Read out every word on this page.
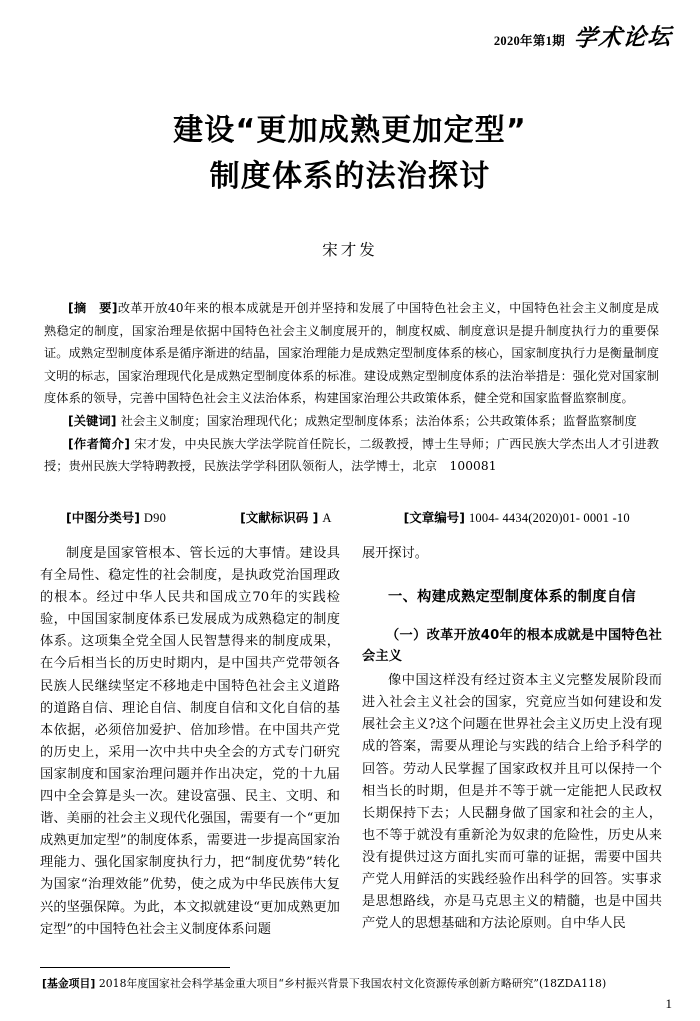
2020年第1期 学术论坛
建设“更加成熟更加定型”
制度体系的法治探讨
宋才发

[摘　要]改革开放40年来的根本成就是开创并坚持和发展了中国特色社会主义，中国特色社会主义制度是成熟稳定的制度，国家治理是依据中国特色社会主义制度展开的，制度权威、制度意识是提升制度执行力的重要保证。成熟定型制度体系是循序渐进的结晶，国家治理能力是成熟定型制度体系的核心，国家制度执行力是衡量制度文明的标志，国家治理现代化是成熟定型制度体系的标准。建设成熟定型制度体系的法治举措是：强化党对国家制度体系的领导，完善中国特色社会主义法治体系，构建国家治理公共政策体系，健全党和国家监督监察制度。

[关键词] 社会主义制度；国家治理现代化；成熟定型制度体系；法治体系；公共政策体系；监督监察制度

[作者简介] 宋才发，中央民族大学法学院首任院长，二级教授，博士生导师；广西民族大学杰出人才引进教授；贵州民族大学特聘教授，民族法学学科团队领衔人，法学博士，北京　100081

[中图分类号] D90	[文献标识码 ] A	[文章编号] 1004- 4434(2020)01- 0001 -10

制度是国家管根本、管长远的大事情。建设具有全局性、稳定性的社会制度，是执政党治国理政的根本。经过中华人民共和国成立70年的实践检验，中国国家制度体系已发展成为成熟稳定的制度体系。这项集全党全国人民智慧得来的制度成果，在今后相当长的历史时期内，是中国共产党带领各民族人民继续坚定不移地走中国特色社会主义道路的道路自信、理论自信、制度自信和文化自信的基本依据，必须倍加爱护、倍加珍惜。在中国共产党的历史上，采用一次中共中央全会的方式专门研究国家制度和国家治理问题并作出决定，党的十九届四中全会算是头一次。建设富强、民主、文明、和谐、美丽的社会主义现代化强国，需要有一个“更加成熟更加定型”的制度体系，需要进一步提高国家治理能力、强化国家制度执行力，把“制度优势”转化为国家“治理效能”优势，使之成为中华民族伟大复兴的坚强保障。为此，本文拟就建设“更加成熟更加定型”的中国特色社会主义制度体系问题

展开探讨。

一、构建成熟定型制度体系的制度自信
（一）改革开放40年的根本成就是中国特色社会主义

像中国这样没有经过资本主义完整发展阶段而进入社会主义社会的国家，究竟应当如何建设和发展社会主义?这个问题在世界社会主义历史上没有现成的答案，需要从理论与实践的结合上给予科学的回答。劳动人民掌握了国家政权并且可以保持一个相当长的时期，但是并不等于就一定能把人民政权长期保持下去；人民翻身做了国家和社会的主人，也不等于就没有重新沦为奴隶的危险性，历史从来没有提供过这方面扎实而可靠的证据，需要中国共产党人用鲜活的实践经验作出科学的回答。实事求是思想路线，亦是马克思主义的精髓，也是中国共产党人的思想基础和方法论原则。自中华人民

[基金项目] 2018年度国家社会科学基金重大项目“乡村振兴背景下我国农村文化资源传承创新方略研究”(18ZDA118)
1
